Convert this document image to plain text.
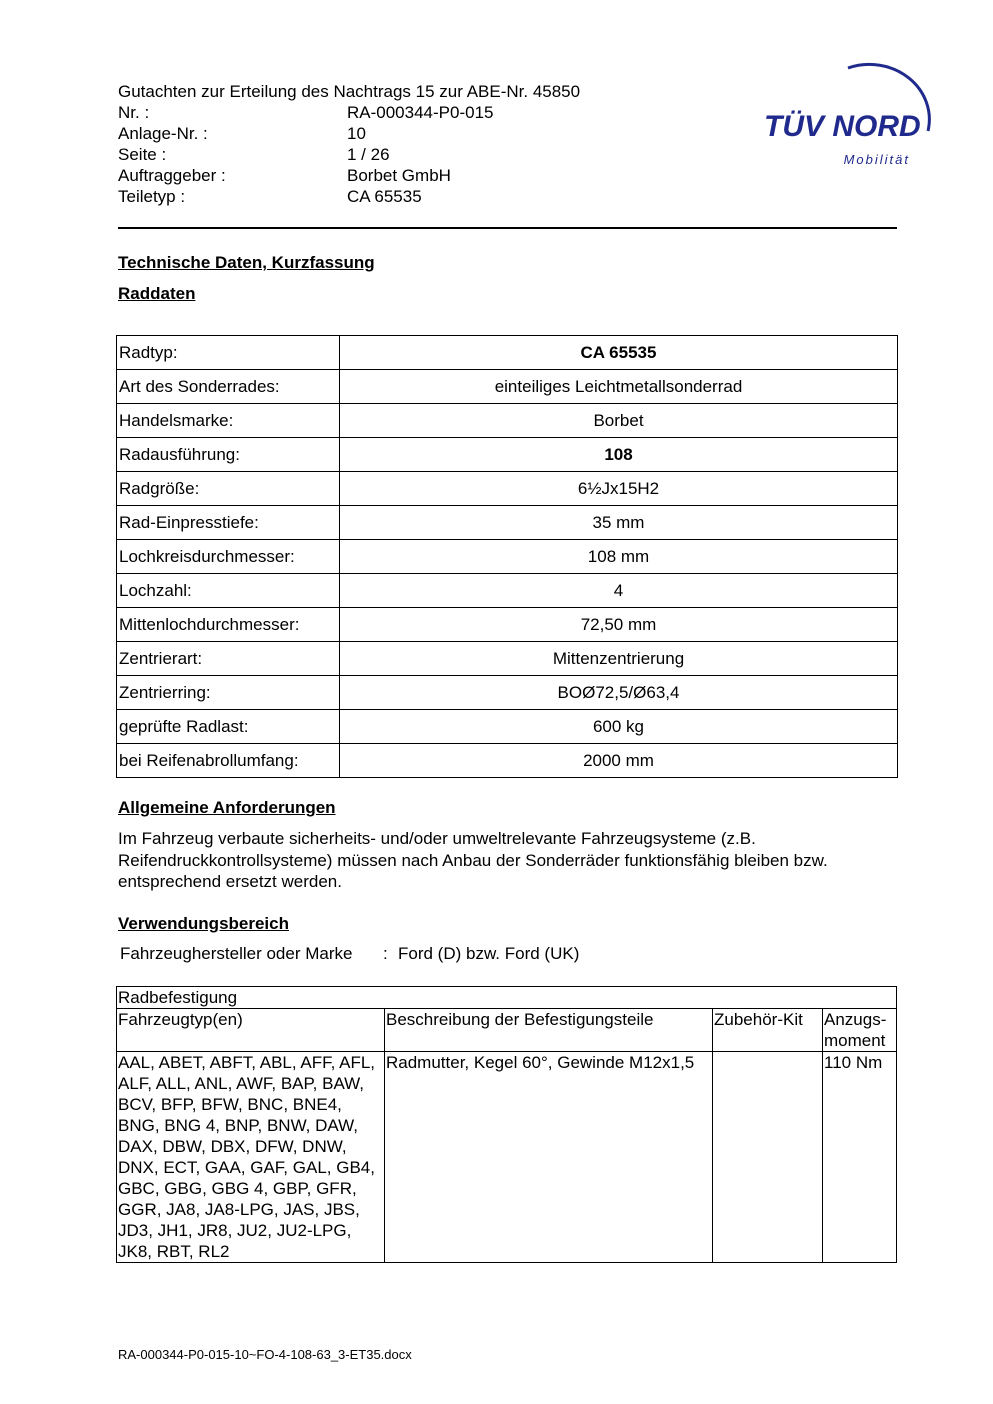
Gutachten zur Erteilung des Nachtrags 15 zur ABE-Nr. 45850
Nr. :	RA-000344-P0-015
Anlage-Nr. :	10
Seite :	1 / 26
Auftraggeber :	Borbet GmbH
Teiletyp :	CA 65535
TÜV NORD
Mobilität
Technische Daten, Kurzfassung
Raddaten
Radtyp:	CA 65535
Art des Sonderrades:	einteiliges Leichtmetallsonderrad
Handelsmarke:	Borbet
Radausführung:	108
Radgröße:	6½Jx15H2
Rad-Einpresstiefe:	35 mm
Lochkreisdurchmesser:	108 mm
Lochzahl:	4
Mittenlochdurchmesser:	72,50 mm
Zentrierart:	Mittenzentrierung
Zentrierring:	BOØ72,5/Ø63,4
geprüfte Radlast:	600 kg
bei Reifenabrollumfang:	2000 mm
Allgemeine Anforderungen
Im Fahrzeug verbaute sicherheits- und/oder umweltrelevante Fahrzeugsysteme (z.B. Reifendruckkontrollsysteme) müssen nach Anbau der Sonderräder funktionsfähig bleiben bzw. entsprechend ersetzt werden.
Verwendungsbereich
Fahrzeughersteller oder Marke : Ford (D) bzw. Ford (UK)
Radbefestigung			
Fahrzeugtyp(en)	Beschreibung der Befestigungsteile	Zubehör-Kit	Anzugs-moment
AAL, ABET, ABFT, ABL, AFF, AFL, ALF, ALL, ANL, AWF, BAP, BAW, BCV, BFP, BFW, BNC, BNE4, BNG, BNG 4, BNP, BNW, DAW, DAX, DBW, DBX, DFW, DNW, DNX, ECT, GAA, GAF, GAL, GB4, GBC, GBG, GBG 4, GBP, GFR, GGR, JA8, JA8-LPG, JAS, JBS, JD3, JH1, JR8, JU2, JU2-LPG, JK8, RBT, RL2	Radmutter, Kegel 60°, Gewinde M12x1,5		110 Nm
RA-000344-P0-015-10~FO-4-108-63_3-ET35.docx
